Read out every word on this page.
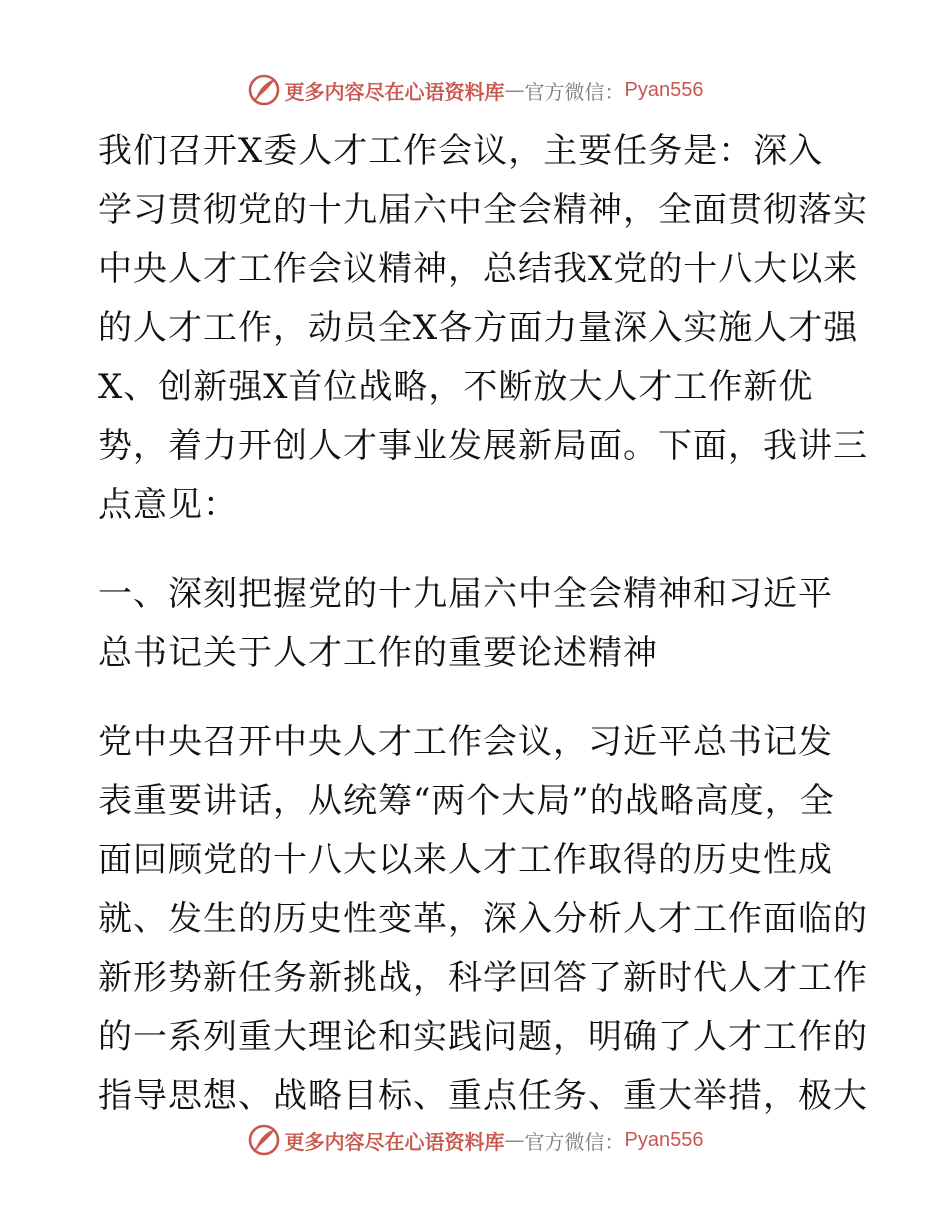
更多内容尽在心语资料库 — 官方微信： Pyan556
我们召开X委人才工作会议，主要任务是：深入
学习贯彻党的十九届六中全会精神，全面贯彻落实
中央人才工作会议精神，总结我X党的十八大以来
的人才工作，动员全X各方面力量深入实施人才强
X、创新强X首位战略，不断放大人才工作新优
势，着力开创人才事业发展新局面。下面，我讲三
点意见：
一、深刻把握党的十九届六中全会精神和习近平
总书记关于人才工作的重要论述精神
党中央召开中央人才工作会议，习近平总书记发
表重要讲话，从统筹“两个大局”的战略高度，全
面回顾党的十八大以来人才工作取得的历史性成
就、发生的历史性变革，深入分析人才工作面临的
新形势新任务新挑战，科学回答了新时代人才工作
的一系列重大理论和实践问题，明确了人才工作的
指导思想、战略目标、重点任务、重大举措，极大
更多内容尽在心语资料库 — 官方微信： Pyan556
